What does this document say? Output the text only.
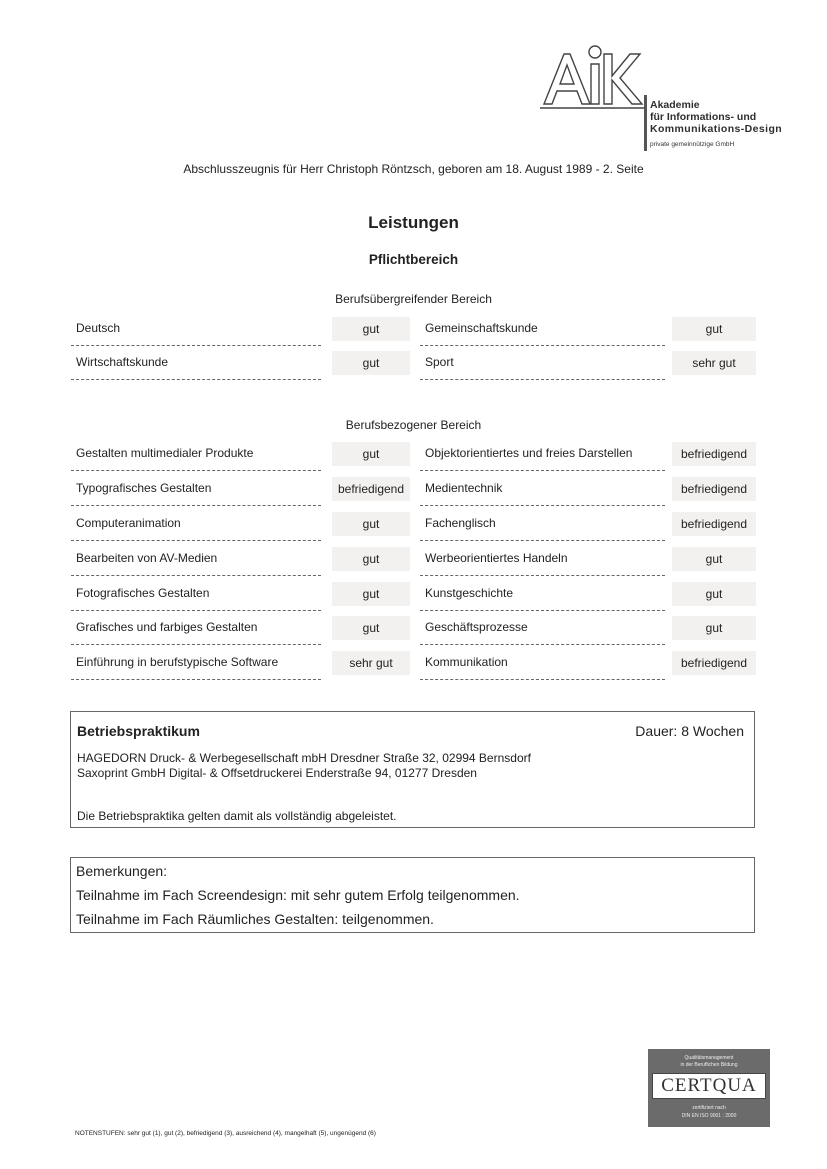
Akademie
für Informations- und
Kommunikations-Design
private gemeinnützige GmbH
Abschlusszeugnis für Herr Christoph Röntzsch, geboren am 18. August 1989 - 2. Seite
Leistungen
Pflichtbereich
Berufsübergreifender Bereich
Deutsch	gut	Gemeinschaftskunde	gut
Wirtschaftskunde	gut	Sport	sehr gut
Berufsbezogener Bereich
Gestalten multimedialer Produkte	gut	Objektorientiertes und freies Darstellen	befriedigend
Typografisches Gestalten	befriedigend	Medientechnik	befriedigend
Computeranimation	gut	Fachenglisch	befriedigend
Bearbeiten von AV-Medien	gut	Werbeorientiertes Handeln	gut
Fotografisches Gestalten	gut	Kunstgeschichte	gut
Grafisches und farbiges Gestalten	gut	Geschäftsprozesse	gut
Einführung in berufstypische Software	sehr gut	Kommunikation	befriedigend
Betriebspraktikum	Dauer: 8 Wochen
HAGEDORN Druck- & Werbegesellschaft mbH Dresdner Straße 32, 02994 Bernsdorf
Saxoprint GmbH Digital- & Offsetdruckerei Enderstraße 94, 01277 Dresden
Die Betriebspraktika gelten damit als vollständig abgeleistet.
Bemerkungen:
Teilnahme im Fach Screendesign: mit sehr gutem Erfolg teilgenommen.
Teilnahme im Fach Räumliches Gestalten: teilgenommen.
Qualitätsmanagement
in der Beruflichen Bildung
CERTQUA
zertifiziert nach
DIN EN ISO 9001 : 2000
NOTENSTUFEN: sehr gut (1), gut (2), befriedigend (3), ausreichend (4), mangelhaft (5), ungenügend (6)
